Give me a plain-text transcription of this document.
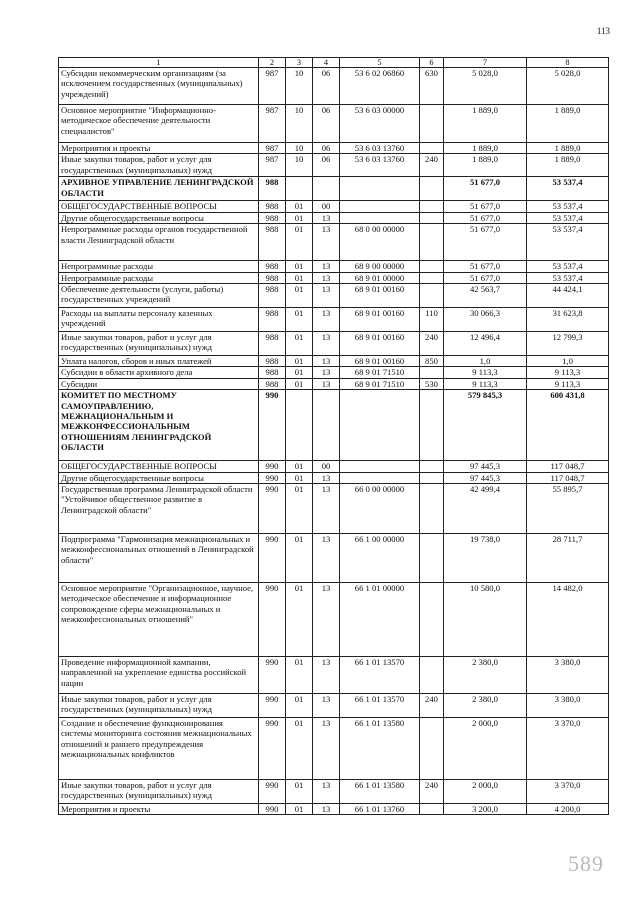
113
1	2	3	4	5	6	7	8
Субсидии некоммерческим организациям (за исключением государственных (муниципальных) учреждений)	987	10	06	53 6 02 06860	630	5 028,0	5 028,0
Основное мероприятие "Информационно-методическое обеспечение деятельности специалистов"	987	10	06	53 6 03 00000		1 889,0	1 889,0
Мероприятия и проекты	987	10	06	53 6 03 13760		1 889,0	1 889,0
Иные закупки товаров, работ и услуг для государственных (муниципальных) нужд	987	10	06	53 6 03 13760	240	1 889,0	1 889,0
АРХИВНОЕ УПРАВЛЕНИЕ ЛЕНИНГРАДСКОЙ ОБЛАСТИ	988					51 677,0	53 537,4
ОБЩЕГОСУДАРСТВЕННЫЕ ВОПРОСЫ	988	01	00			51 677,0	53 537,4
Другие общегосударственные вопросы	988	01	13			51 677,0	53 537,4
Непрограммные расходы органов государственной власти Ленинградской области	988	01	13	68 0 00 00000		51 677,0	53 537,4
Непрограммные расходы	988	01	13	68 9 00 00000		51 677,0	53 537,4
Непрограммные расходы	988	01	13	68 9 01 00000		51 677,0	53 537,4
Обеспечение деятельности (услуги, работы) государственных учреждений	988	01	13	68 9 01 00160		42 563,7	44 424,1
Расходы на выплаты персоналу казенных учреждений	988	01	13	68 9 01 00160	110	30 066,3	31 623,8
Иные закупки товаров, работ и услуг для государственных (муниципальных) нужд	988	01	13	68 9 01 00160	240	12 496,4	12 799,3
Уплата налогов, сборов и иных платежей	988	01	13	68 9 01 00160	850	1,0	1,0
Субсидии в области архивного дела	988	01	13	68 9 01 71510		9 113,3	9 113,3
Субсидии	988	01	13	68 9 01 71510	530	9 113,3	9 113,3
КОМИТЕТ ПО МЕСТНОМУ САМОУПРАВЛЕНИЮ, МЕЖНАЦИОНАЛЬНЫМ И МЕЖКОНФЕССИОНАЛЬНЫМ ОТНОШЕНИЯМ ЛЕНИНГРАДСКОЙ ОБЛАСТИ	990					579 845,3	600 431,8
ОБЩЕГОСУДАРСТВЕННЫЕ ВОПРОСЫ	990	01	00			97 445,3	117 048,7
Другие общегосударственные вопросы	990	01	13			97 445,3	117 048,7
Государственная программа Ленинградской области "Устойчивое общественное развитие в Ленинградской области"	990	01	13	66 0 00 00000		42 499,4	55 895,7
Подпрограмма "Гармонизация межнациональных и межконфессиональных отношений в Ленинградской области"	990	01	13	66 1 00 00000		19 738,0	28 711,7
Основное мероприятие "Организационное, научное, методическое обеспечение и информационное сопровождение сферы межнациональных и межконфессиональных отношений"	990	01	13	66 1 01 00000		10 580,0	14 482,0
Проведение информационной кампании, направленной на укрепление единства российской нации	990	01	13	66 1 01 13570		2 380,0	3 380,0
Иные закупки товаров, работ и услуг для государственных (муниципальных) нужд	990	01	13	66 1 01 13570	240	2 380,0	3 380,0
Создание и обеспечение функционирования системы мониторинга состояния межнациональных отношений и раннего предупреждения межнациональных конфликтов	990	01	13	66 1 01 13580		2 000,0	3 370,0
Иные закупки товаров, работ и услуг для государственных (муниципальных) нужд	990	01	13	66 1 01 13580	240	2 000,0	3 370,0
Мероприятия и проекты	990	01	13	66 1 01 13760		3 200,0	4 200,0
589
